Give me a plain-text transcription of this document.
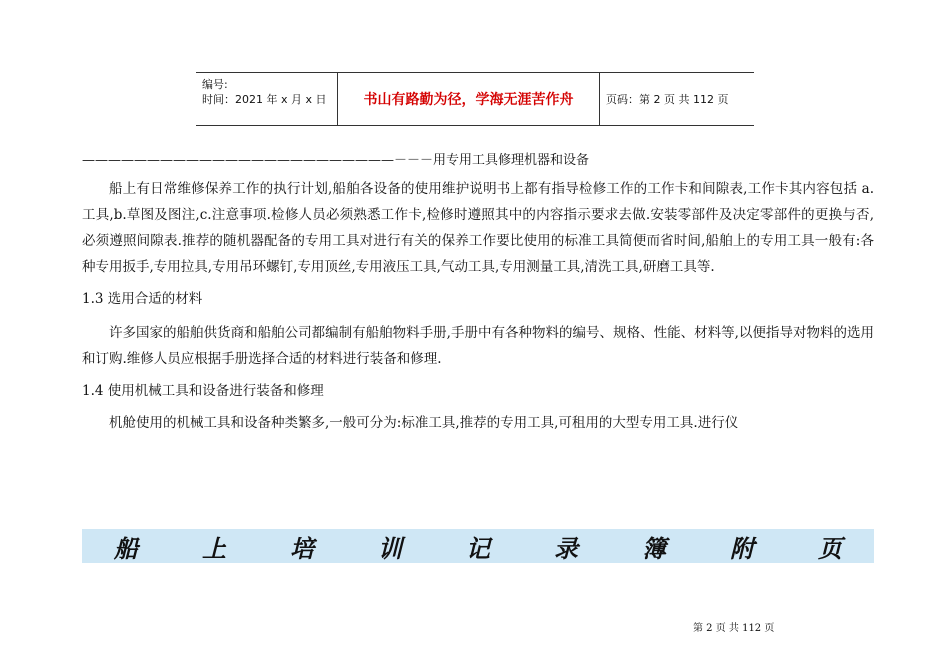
编号:
时间：2021 年 x 月 x 日	书山有路勤为径，学海无涯苦作舟	页码：第 2 页 共 112 页
————————————————————————－－－用专用工具修理机器和设备

船上有日常维修保养工作的执行计划,船舶各设备的使用维护说明书上都有指导检修工作的工作卡和间隙表,工作卡其内容包括 a.工具,b.草图及图注,c.注意事项.检修人员必须熟悉工作卡,检修时遵照其中的内容指示要求去做.安装零部件及决定零部件的更换与否,必须遵照间隙表.推荐的随机器配备的专用工具对进行有关的保养工作要比使用的标准工具简便而省时间,船舶上的专用工具一般有:各种专用扳手,专用拉具,专用吊环螺钉,专用顶丝,专用液压工具,气动工具,专用测量工具,清洗工具,研磨工具等.

1.3 选用合适的材料

许多国家的船舶供货商和船舶公司都编制有船舶物料手册,手册中有各种物料的编号、规格、性能、材料等,以便指导对物料的选用和订购.维修人员应根据手册选择合适的材料进行装备和修理.

1.4 使用机械工具和设备进行装备和修理

机舱使用的机械工具和设备种类繁多,一般可分为:标准工具,推荐的专用工具,可租用的大型专用工具.进行仪

船	上	培	训	记	录	簿	附	页
第 2 页 共 112 页
